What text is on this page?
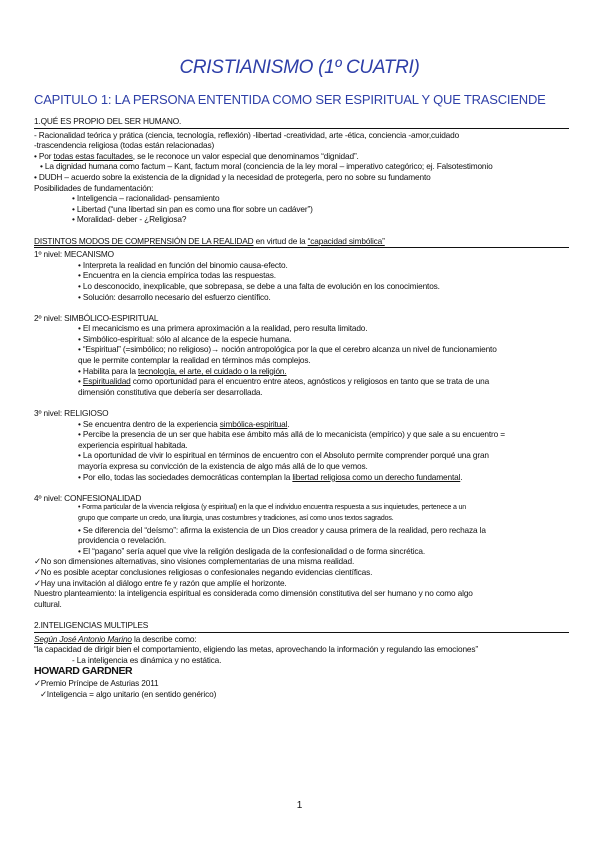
CRISTIANISMO (1º CUATRI)
CAPITULO 1: LA PERSONA ENTENTIDA COMO SER ESPIRITUAL Y QUE TRASCIENDE
1.QUÉ ES PROPIO DEL SER HUMANO.
- Racionalidad teórica y prática (ciencia, tecnología, reflexión) -libertad -creatividad, arte -ética, conciencia -amor,cuidado
-trascendencia religiosa (todas están relacionadas)
• Por todas estas facultades, se le reconoce un valor especial que denominamos “dignidad”.
• La dignidad humana como factum – Kant, factum moral (conciencia de la ley moral – imperativo categórico; ej. Falsotestimonio
• DUDH – acuerdo sobre la existencia de la dignidad y la necesidad de protegerla, pero no sobre su fundamento
Posibilidades de fundamentación:
• Inteligencia – racionalidad- pensamiento
• Libertad (“una libertad sin pan es como una flor sobre un cadáver”)
• Moralidad- deber - ¿Religiosa?
DISTINTOS MODOS DE COMPRENSIÓN DE LA REALIDAD en virtud de la “capacidad simbólica”
1º nivel: MECANISMO
• Interpreta la realidad en función del binomio causa-efecto.
• Encuentra en la ciencia empírica todas las respuestas.
• Lo desconocido, inexplicable, que sobrepasa, se debe a una falta de evolución en los conocimientos.
• Solución: desarrollo necesario del esfuerzo científico.
2º nivel: SIMBÓLICO-ESPIRITUAL
• El mecanicismo es una primera aproximación a la realidad, pero resulta limitado.
• Simbólico-espiritual: sólo al alcance de la especie humana.
• “Espiritual” (=simbólico; no religioso)→ noción antropológica por la que el cerebro alcanza un nivel de funcionamiento
que le permite contemplar la realidad en términos más complejos.
• Habilita para la tecnología, el arte, el cuidado o la religión.
• Espiritualidad como oportunidad para el encuentro entre ateos, agnósticos y religiosos en tanto que se trata de una
dimensión constitutiva que debería ser desarrollada.
3º nivel: RELIGIOSO
• Se encuentra dentro de la experiencia simbólica-espiritual.
• Percibe la presencia de un ser que habita ese ámbito más allá de lo mecanicista (empírico) y que sale a su encuentro =
experiencia espiritual habitada.
• La oportunidad de vivir lo espiritual en términos de encuentro con el Absoluto permite comprender porqué una gran
mayoría expresa su convicción de la existencia de algo más allá de lo que vemos.
• Por ello, todas las sociedades democráticas contemplan la libertad religiosa como un derecho fundamental.
4º nivel: CONFESIONALIDAD
• Forma particular de la vivencia religiosa (y espiritual) en la que el individuo encuentra respuesta a sus inquietudes, pertenece a un
grupo que comparte un credo, una liturgia, unas costumbres y tradiciones, así como unos textos sagrados.
• Se diferencia del “deísmo”: afirma la existencia de un Dios creador y causa primera de la realidad, pero rechaza la
providencia o revelación.
• El “pagano” sería aquel que vive la religión desligada de la confesionalidad o de forma sincrética.
✓No son dimensiones alternativas, sino visiones complementarias de una misma realidad.
✓No es posible aceptar conclusiones religiosas o confesionales negando evidencias científicas.
✓Hay una invitación al diálogo entre fe y razón que amplíe el horizonte.
Nuestro planteamiento: la inteligencia espiritual es considerada como dimensión constitutiva del ser humano y no como algo
cultural.
2.INTELIGENCIAS MULTIPLES
Según José Antonio Marino la describe como:
“la capacidad de dirigir bien el comportamiento, eligiendo las metas, aprovechando la información y regulando las emociones”
- La inteligencia es dinámica y no estática.
HOWARD GARDNER
✓Premio Príncipe de Asturias 2011
✓Inteligencia = algo unitario (en sentido genérico)
1
